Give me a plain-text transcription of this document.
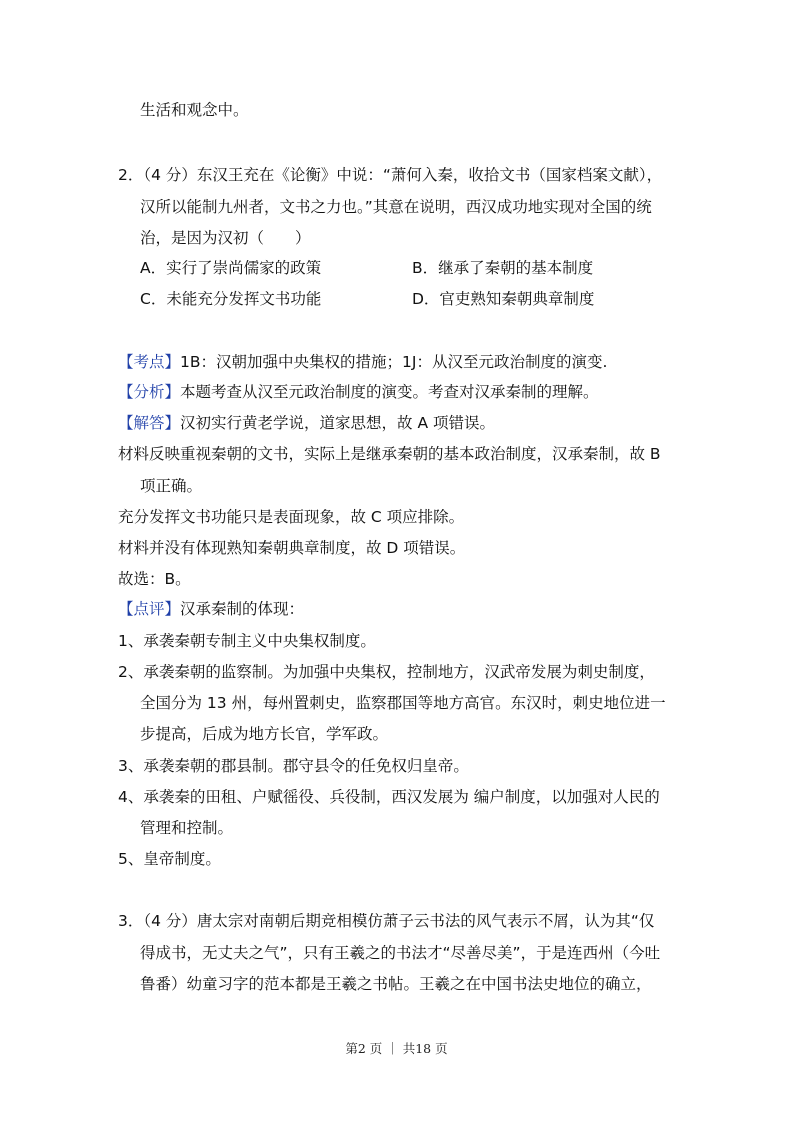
生活和观念中。
2．（4 分）东汉王充在《论衡》中说：“萧何入秦，收拾文书（国家档案文献），
汉所以能制九州者，文书之力也。”其意在说明，西汉成功地实现对全国的统
治，是因为汉初（　　）
A．实行了崇尚儒家的政策	B．继承了秦朝的基本制度
C．未能充分发挥文书功能	D．官吏熟知秦朝典章制度
【考点】1B：汉朝加强中央集权的措施；1J：从汉至元政治制度的演变.
【分析】本题考查从汉至元政治制度的演变。考查对汉承秦制的理解。
【解答】汉初实行黄老学说，道家思想，故 A 项错误。
材料反映重视秦朝的文书，实际上是继承秦朝的基本政治制度，汉承秦制，故 B
项正确。
充分发挥文书功能只是表面现象，故 C 项应排除。
材料并没有体现熟知秦朝典章制度，故 D 项错误。
故选：B。
【点评】汉承秦制的体现：
1、承袭秦朝专制主义中央集权制度。
2、承袭秦朝的监察制。为加强中央集权，控制地方，汉武帝发展为刺史制度，
全国分为 13 州，每州置刺史，监察郡国等地方高官。东汉时，刺史地位进一
步提高，后成为地方长官，学军政。
3、承袭秦朝的郡县制。郡守县令的任免权归皇帝。
4、承袭秦的田租、户赋徭役、兵役制，西汉发展为 编户制度，以加强对人民的
管理和控制。
5、皇帝制度。
3．（4 分）唐太宗对南朝后期竞相模仿萧子云书法的风气表示不屑，认为其“仅
得成书，无丈夫之气”，只有王羲之的书法才“尽善尽美”，于是连西州（今吐
鲁番）幼童习字的范本都是王羲之书帖。王羲之在中国书法史地位的确立，
第2 页 ｜ 共18 页
